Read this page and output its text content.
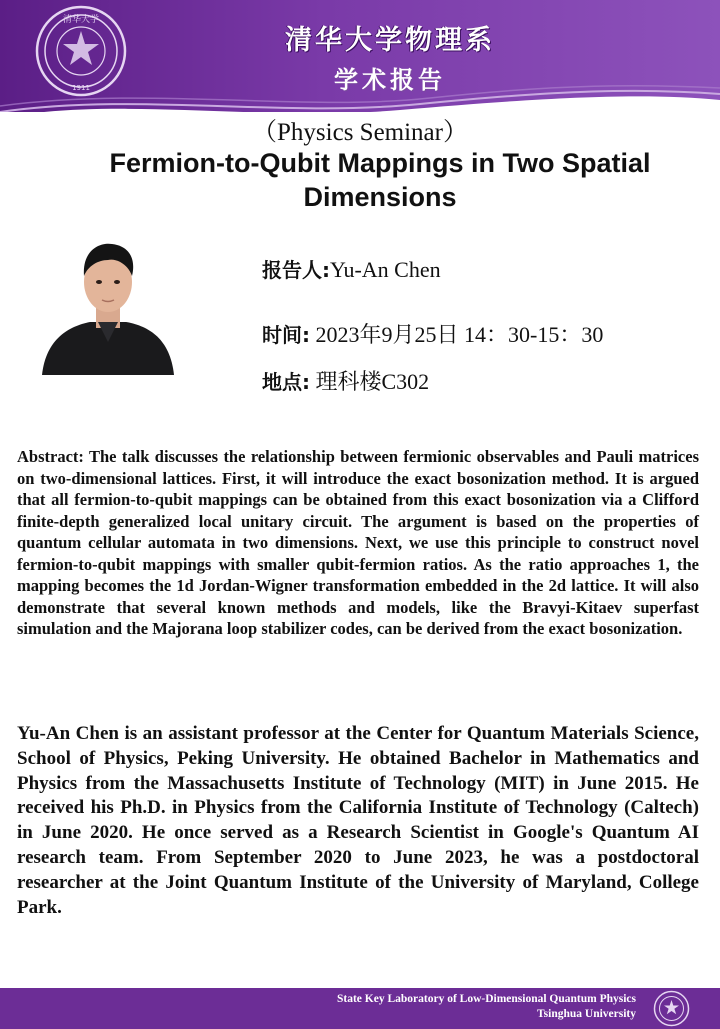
清华大学
1911
清华大学物理系
学术报告
（Physics Seminar）
Fermion-to-Qubit Mappings in Two Spatial Dimensions
报告人:Yu-An Chen
时间: 2023年9月25日 14：30-15：30
地点: 理科楼C302

Abstract: The talk discusses the relationship between fermionic observables and Pauli matrices on two-dimensional lattices. First, it will introduce the exact bosonization method. It is argued that all fermion-to-qubit mappings can be obtained from this exact bosonization via a Clifford finite-depth generalized local unitary circuit. The argument is based on the properties of quantum cellular automata in two dimensions. Next, we use this principle to construct novel fermion-to-qubit mappings with smaller qubit-fermion ratios. As the ratio approaches 1, the mapping becomes the 1d Jordan-Wigner transformation embedded in the 2d lattice. It will also demonstrate that several known methods and models, like the Bravyi-Kitaev superfast simulation and the Majorana loop stabilizer codes, can be derived from the exact bosonization.

Yu-An Chen is an assistant professor at the Center for Quantum Materials Science, School of Physics, Peking University. He obtained Bachelor in Mathematics and Physics from the Massachusetts Institute of Technology (MIT) in June 2015. He received his Ph.D. in Physics from the California Institute of Technology (Caltech) in June 2020. He once served as a Research Scientist in Google's Quantum AI research team. From September 2020 to June 2023, he was a postdoctoral researcher at the Joint Quantum Institute of the University of Maryland, College Park.

State Key Laboratory of Low-Dimensional Quantum Physics
Tsinghua University
